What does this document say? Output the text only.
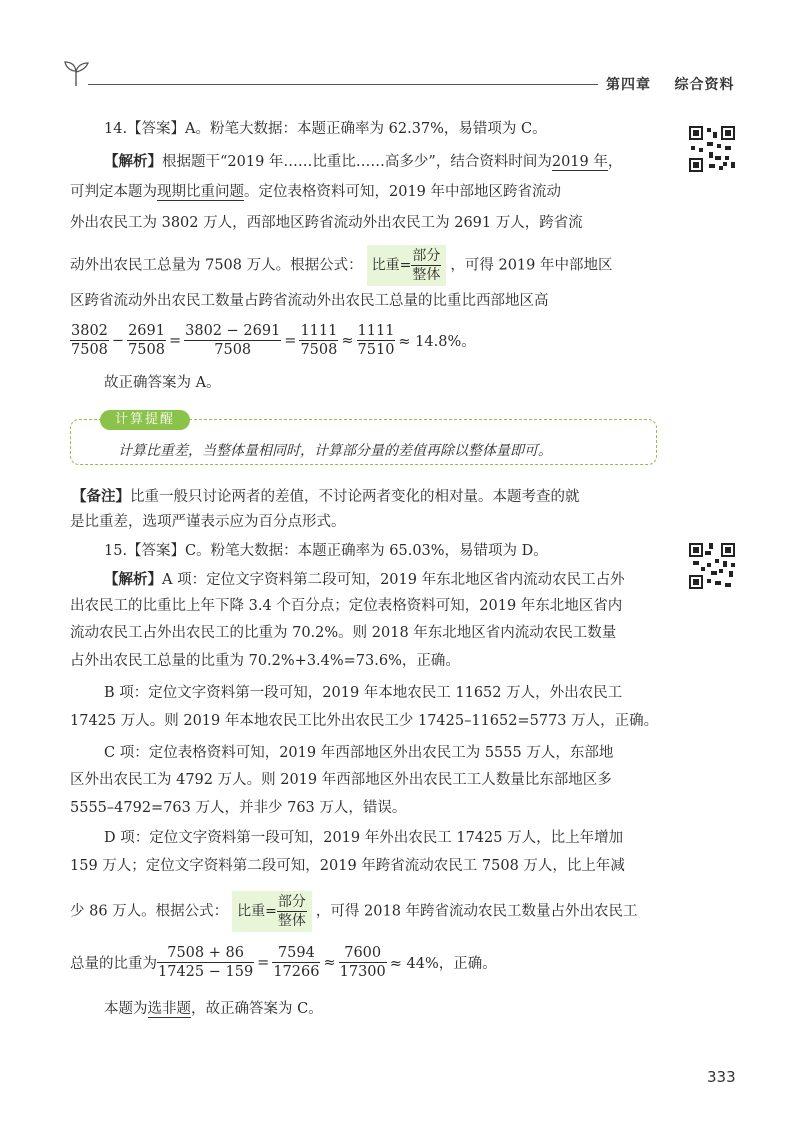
第四章 综合资料
14.【答案】A。粉笔大数据：本题正确率为 62.37%，易错项为 C。
【解析】根据题干“2019 年……比重比……高多少”，结合资料时间为2019 年，
可判定本题为现期比重问题。定位表格资料可知，2019 年中部地区跨省流动
外出农民工为 3802 万人，西部地区跨省流动外出农民工为 2691 万人，跨省流
动外出农民工总量为 7508 万人。根据公式： 比重= $\frac{\text{部分}}{\text{整体}}$ ，可得 2019 年中部地区
区跨省流动外出农民工数量占跨省流动外出农民工总量的比重比西部地区高
$\frac{3802}{7508} - \frac{2691}{7508} = \frac{3802 - 2691}{7508} = \frac{1111}{7508} \approx \frac{1111}{7510} \approx 14.8\%$。
故正确答案为 A。
计算提醒
计算比重差，当整体量相同时，计算部分量的差值再除以整体量即可。
【备注】比重一般只讨论两者的差值，不讨论两者变化的相对量。本题考查的就
是比重差，选项严谨表示应为百分点形式。
15.【答案】C。粉笔大数据：本题正确率为 65.03%，易错项为 D。
【解析】A 项：定位文字资料第二段可知，2019 年东北地区省内流动农民工占外
出农民工的比重比上年下降 3.4 个百分点；定位表格资料可知，2019 年东北地区省内
流动农民工占外出农民工的比重为 70.2%。则 2018 年东北地区省内流动农民工数量
占外出农民工总量的比重为 70.2%+3.4%=73.6%，正确。
B 项：定位文字资料第一段可知，2019 年本地农民工 11652 万人，外出农民工
17425 万人。则 2019 年本地农民工比外出农民工少 17425–11652=5773 万人，正确。
C 项：定位表格资料可知，2019 年西部地区外出农民工为 5555 万人，东部地
区外出农民工为 4792 万人。则 2019 年西部地区外出农民工工人数量比东部地区多
5555–4792=763 万人，并非少 763 万人，错误。
D 项：定位文字资料第一段可知，2019 年外出农民工 17425 万人，比上年增加
159 万人；定位文字资料第二段可知，2019 年跨省流动农民工 7508 万人，比上年减
少 86 万人。根据公式： 比重= $\frac{\text{部分}}{\text{整体}}$ ，可得 2018 年跨省流动农民工数量占外出农民工
总量的比重为 $\frac{7508 + 86}{17425 - 159} = \frac{7594}{17266} \approx \frac{7600}{17300} \approx 44\%$，正确。
本题为选非题，故正确答案为 C。
333
